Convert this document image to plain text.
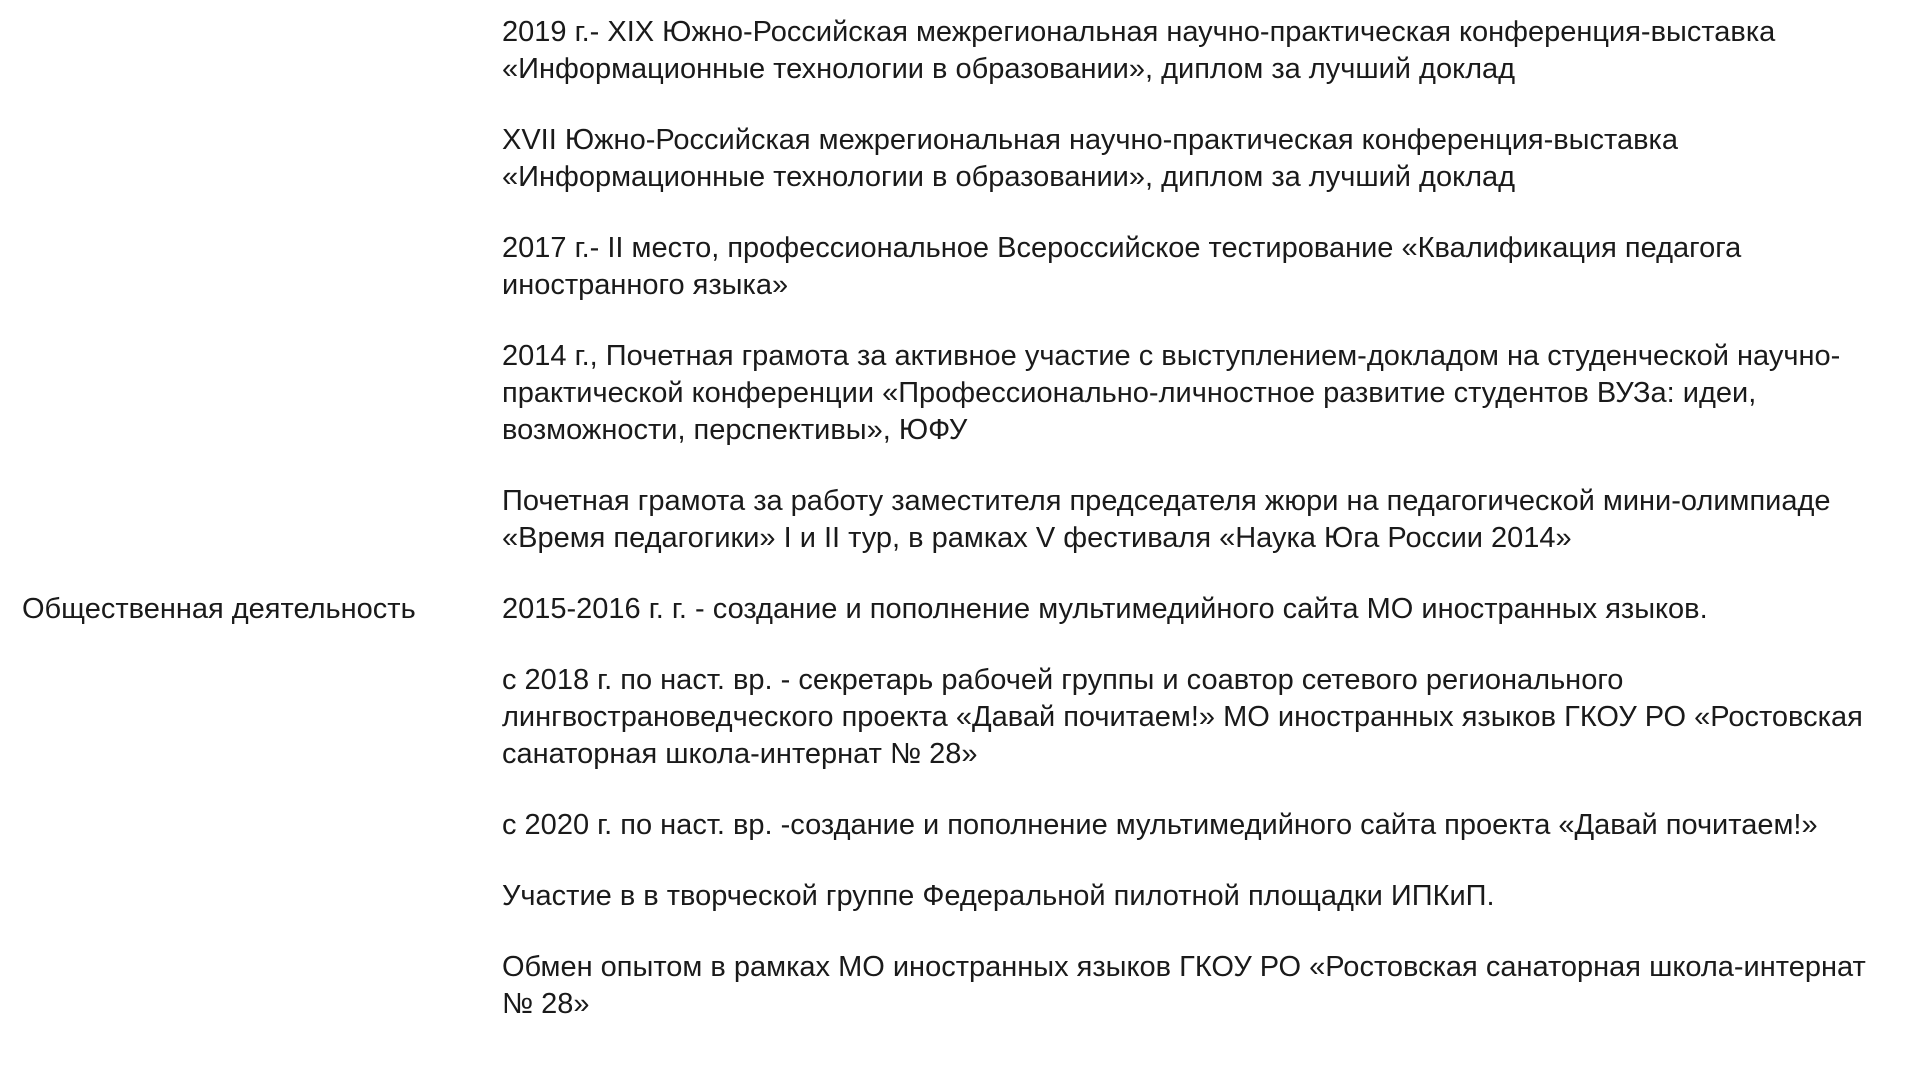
2019 г.- XIX Южно-Российская межрегиональная научно-практическая конференция-выставка «Информационные технологии в образовании», диплом за лучший доклад

XVII Южно-Российская межрегиональная научно-практическая конференция-выставка «Информационные технологии в образовании», диплом за лучший доклад

2017 г.- II место, профессиональное Всероссийское тестирование «Квалификация педагога иностранного языка»

2014 г., Почетная грамота за активное участие с выступлением-докладом на студенческой научно-практической конференции «Профессионально-личностное развитие студентов ВУЗа: идеи, возможности, перспективы», ЮФУ

Почетная грамота за работу заместителя председателя жюри на педагогической мини-олимпиаде «Время педагогики» I и II тур, в рамках V фестиваля «Наука Юга России 2014»

Общественная деятельность	2015-2016 г. г. - создание и пополнение мультимедийного сайта МО иностранных языков.

с 2018 г. по наст. вр. - секретарь рабочей группы и соавтор сетевого регионального лингвострановедческого проекта «Давай почитаем!» МО иностранных языков ГКОУ РО «Ростовская санаторная школа-интернат № 28»

с 2020 г. по наст. вр. -создание и пополнение мультимедийного сайта проекта «Давай почитаем!»

Участие в в творческой группе Федеральной пилотной площадки ИПКиП.

Обмен опытом в рамках МО иностранных языков ГКОУ РО «Ростовская санаторная школа-интернат № 28»
